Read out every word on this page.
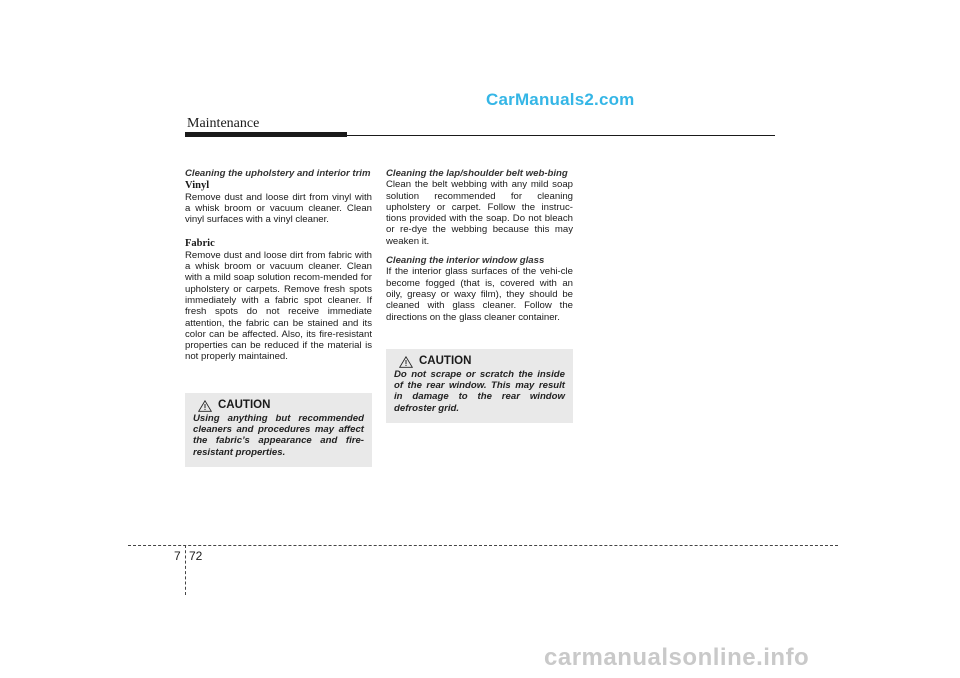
CarManuals2.com
Maintenance
Cleaning the upholstery and interior trim
Vinyl

Remove dust and loose dirt from vinyl with a whisk broom or vacuum cleaner. Clean vinyl surfaces with a vinyl cleaner.

Fabric

Remove dust and loose dirt from fabric with a whisk broom or vacuum cleaner. Clean with a mild soap solution recom-mended for upholstery or carpets. Remove fresh spots immediately with a fabric spot cleaner. If fresh spots do not receive immediate attention, the fabric can be stained and its color can be affected. Also, its fire-resistant properties can be reduced if the material is not properly maintained.

Cleaning the lap/shoulder belt web-bing

Clean the belt webbing with any mild soap solution recommended for cleaning upholstery or carpet. Follow the instruc-tions provided with the soap. Do not bleach or re-dye the webbing because this may weaken it.

Cleaning the interior window glass

If the interior glass surfaces of the vehi-cle become fogged (that is, covered with an oily, greasy or waxy film), they should be cleaned with glass cleaner. Follow the directions on the glass cleaner container.

CAUTION
Using anything but recommended cleaners and procedures may affect the fabric’s appearance and fire-resistant properties.
CAUTION
Do not scrape or scratch the inside of the rear window. This may result in damage to the rear window defroster grid.
7 72
carmanualsonline.info
